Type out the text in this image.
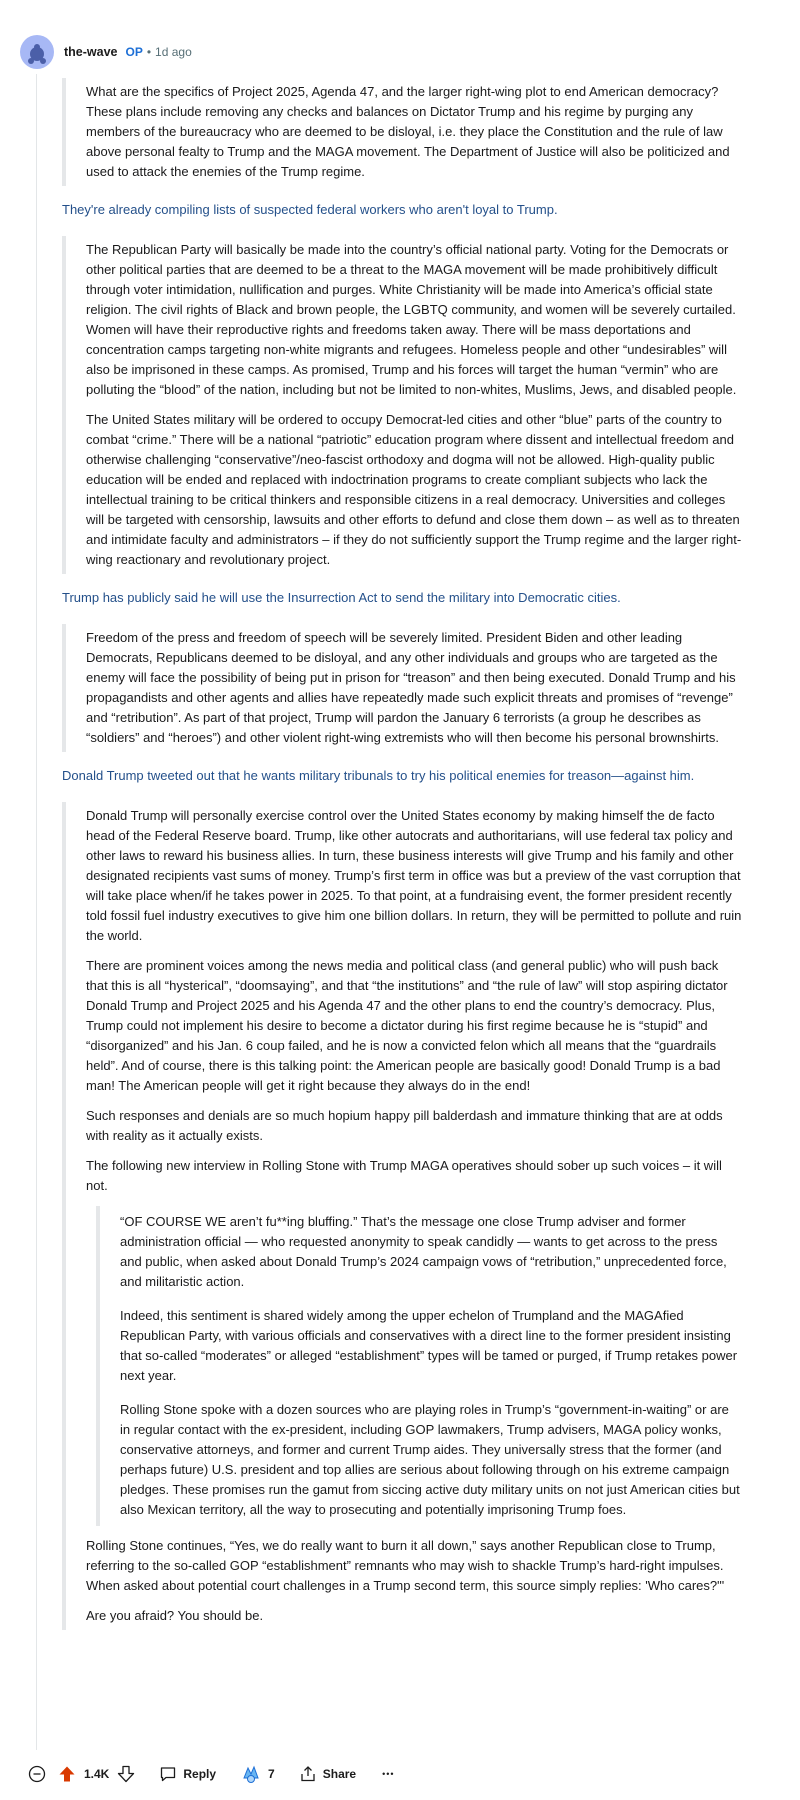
the-wave OP • 1d ago

What are the specifics of Project 2025, Agenda 47, and the larger right-wing plot to end American democracy? These plans include removing any checks and balances on Dictator Trump and his regime by purging any members of the bureaucracy who are deemed to be disloyal, i.e. they place the Constitution and the rule of law above personal fealty to Trump and the MAGA movement. The Department of Justice will also be politicized and used to attack the enemies of the Trump regime.

They're already compiling lists of suspected federal workers who aren't loyal to Trump.

The Republican Party will basically be made into the country’s official national party. Voting for the Democrats or other political parties that are deemed to be a threat to the MAGA movement will be made prohibitively difficult through voter intimidation, nullification and purges. White Christianity will be made into America’s official state religion. The civil rights of Black and brown people, the LGBTQ community, and women will be severely curtailed. Women will have their reproductive rights and freedoms taken away. There will be mass deportations and concentration camps targeting non-white migrants and refugees. Homeless people and other “undesirables” will also be imprisoned in these camps. As promised, Trump and his forces will target the human “vermin” who are polluting the “blood” of the nation, including but not be limited to non-whites, Muslims, Jews, and disabled people.

The United States military will be ordered to occupy Democrat-led cities and other “blue” parts of the country to combat “crime.” There will be a national “patriotic” education program where dissent and intellectual freedom and otherwise challenging “conservative”/neo-fascist orthodoxy and dogma will not be allowed. High-quality public education will be ended and replaced with indoctrination programs to create compliant subjects who lack the intellectual training to be critical thinkers and responsible citizens in a real democracy. Universities and colleges will be targeted with censorship, lawsuits and other efforts to defund and close them down – as well as to threaten and intimidate faculty and administrators – if they do not sufficiently support the Trump regime and the larger right-wing reactionary and revolutionary project.

Trump has publicly said he will use the Insurrection Act to send the military into Democratic cities.

Freedom of the press and freedom of speech will be severely limited. President Biden and other leading Democrats, Republicans deemed to be disloyal, and any other individuals and groups who are targeted as the enemy will face the possibility of being put in prison for “treason” and then being executed. Donald Trump and his propagandists and other agents and allies have repeatedly made such explicit threats and promises of “revenge” and “retribution”. As part of that project, Trump will pardon the January 6 terrorists (a group he describes as “soldiers” and “heroes”) and other violent right-wing extremists who will then become his personal brownshirts.

Donald Trump tweeted out that he wants military tribunals to try his political enemies for treason—against him.

Donald Trump will personally exercise control over the United States economy by making himself the de facto head of the Federal Reserve board. Trump, like other autocrats and authoritarians, will use federal tax policy and other laws to reward his business allies. In turn, these business interests will give Trump and his family and other designated recipients vast sums of money. Trump’s first term in office was but a preview of the vast corruption that will take place when/if he takes power in 2025. To that point, at a fundraising event, the former president recently told fossil fuel industry executives to give him one billion dollars. In return, they will be permitted to pollute and ruin the world.

There are prominent voices among the news media and political class (and general public) who will push back that this is all “hysterical”, “doomsaying”, and that “the institutions” and “the rule of law” will stop aspiring dictator Donald Trump and Project 2025 and his Agenda 47 and the other plans to end the country’s democracy. Plus, Trump could not implement his desire to become a dictator during his first regime because he is “stupid” and “disorganized” and his Jan. 6 coup failed, and he is now a convicted felon which all means that the “guardrails held”. And of course, there is this talking point: the American people are basically good! Donald Trump is a bad man! The American people will get it right because they always do in the end!

Such responses and denials are so much hopium happy pill balderdash and immature thinking that are at odds with reality as it actually exists.

The following new interview in Rolling Stone with Trump MAGA operatives should sober up such voices – it will not.

“OF COURSE WE aren’t fu**ing bluffing.” That’s the message one close Trump adviser and former administration official — who requested anonymity to speak candidly — wants to get across to the press and public, when asked about Donald Trump’s 2024 campaign vows of “retribution,” unprecedented force, and militaristic action.

Indeed, this sentiment is shared widely among the upper echelon of Trumpland and the MAGAfied Republican Party, with various officials and conservatives with a direct line to the former president insisting that so-called “moderates” or alleged “establishment” types will be tamed or purged, if Trump retakes power next year.

Rolling Stone spoke with a dozen sources who are playing roles in Trump’s “government-in-waiting” or are in regular contact with the ex-president, including GOP lawmakers, Trump advisers, MAGA policy wonks, conservative attorneys, and former and current Trump aides. They universally stress that the former (and perhaps future) U.S. president and top allies are serious about following through on his extreme campaign pledges. These promises run the gamut from siccing active duty military units on not just American cities but also Mexican territory, all the way to prosecuting and potentially imprisoning Trump foes.

Rolling Stone continues, “Yes, we do really want to burn it all down,” says another Republican close to Trump, referring to the so-called GOP “establishment” remnants who may wish to shackle Trump’s hard-right impulses. When asked about potential court challenges in a Trump second term, this source simply replies: 'Who cares?"'

Are you afraid? You should be.

1.4K	Reply	7	Share	•••
